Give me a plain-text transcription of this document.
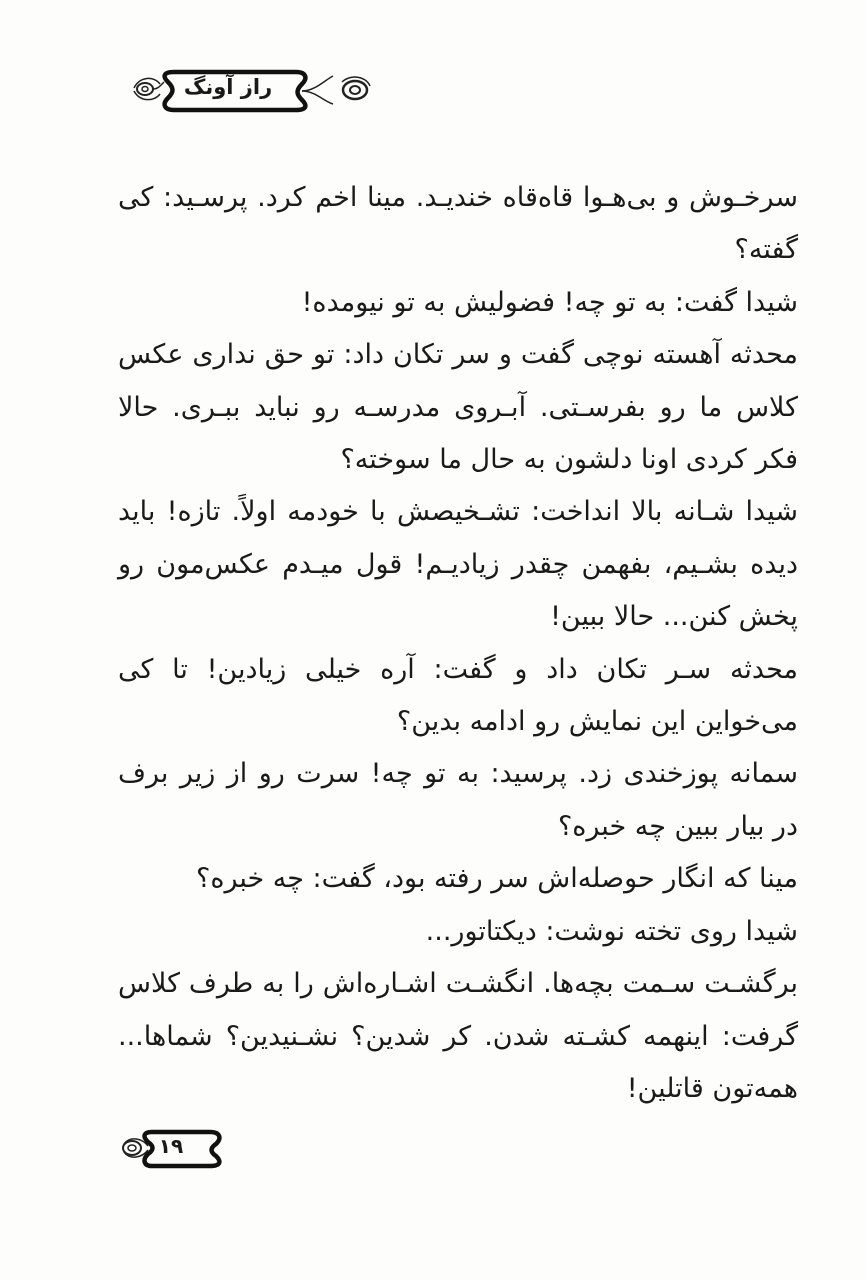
راز آونگ

سرخـوش و بی‌هـوا قاه‌قاه خندیـد. مینا اخم کرد. پرسـید: کی گفته؟

شیدا گفت: به تو چه! فضولیش به تو نیومده!

محدثه آهسته نوچی گفت و سر تکان داد: تو حق نداری عکس کلاس ما رو بفرسـتی. آبـروی مدرسـه رو نباید ببـری. حالا فکر کردی اونا دلشون به حال ما سوخته؟

شیدا شـانه بالا انداخت: تشـخیصش با خودمه اولاً. تازه! باید دیده بشـیم، بفهمن چقدر زیادیـم! قول میـدم عکس‌مون رو پخش کنن... حالا ببین!

محدثه سـر تکان داد و گفت: آره خیلی زیادین! تا کی می‌خواین این نمایش رو ادامه بدین؟

سمانه پوزخندی زد. پرسید: به تو چه! سرت رو از زیر برف در بیار ببین چه خبره؟

مینا که انگار حوصله‌اش سر رفته بود، گفت: چه خبره؟

شیدا روی تخته نوشت: دیکتاتور...

برگشـت سـمت بچه‌ها. انگشـت اشـاره‌اش را به طرف کلاس گرفت: اینهمه کشـته شدن. کر شدین؟ نشـنیدین؟ شماها... همه‌تون قاتلین!

۱۹
